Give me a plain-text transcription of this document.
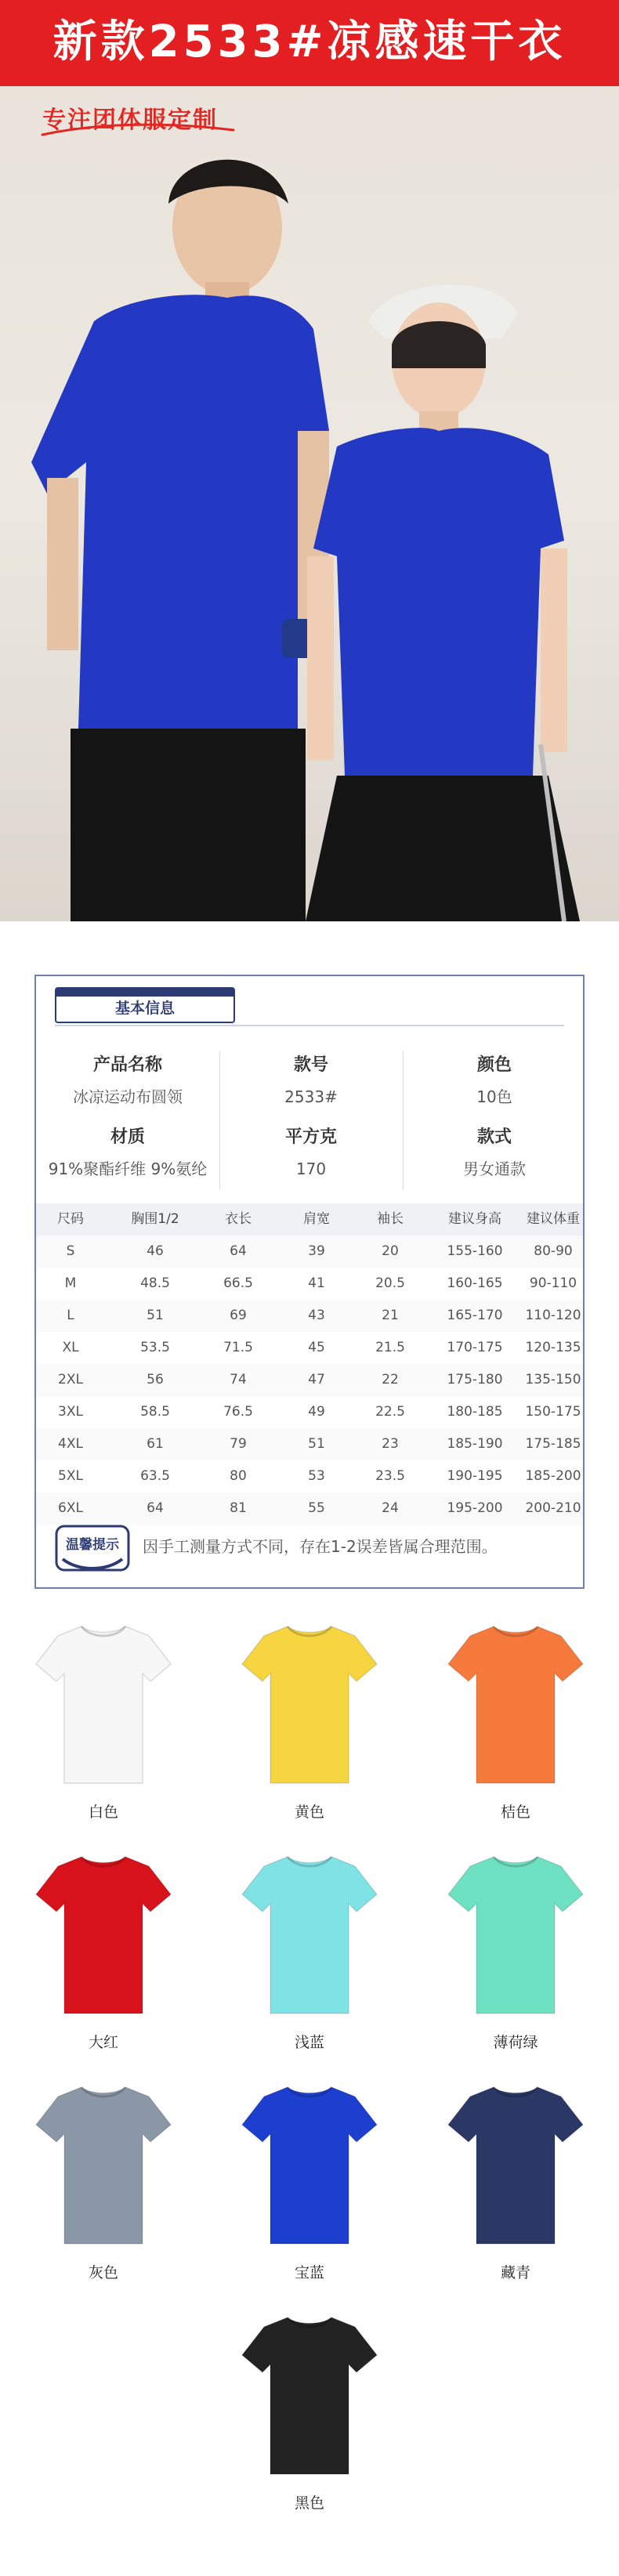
新款2533#凉感速干衣
专注团体服定制
基本信息
产品名称
冰凉运动布圆领
款号
2533#
颜色
10色
材质
91%聚酯纤维 9%氨纶
平方克
170
款式
男女通款
尺码	胸围1/2	衣长	肩宽	袖长	建议身高	建议体重
S	46	64	39	20	155-160	80-90
M	48.5	66.5	41	20.5	160-165	90-110
L	51	69	43	21	165-170	110-120
XL	53.5	71.5	45	21.5	170-175	120-135
2XL	56	74	47	22	175-180	135-150
3XL	58.5	76.5	49	22.5	180-185	150-175
4XL	61	79	51	23	185-190	175-185
5XL	63.5	80	53	23.5	190-195	185-200
6XL	64	81	55	24	195-200	200-210
温馨提示 因手工测量方式不同，存在1-2误差皆属合理范围。
白色	黄色	桔色
大红	浅蓝	薄荷绿
灰色	宝蓝	藏青
黑色
